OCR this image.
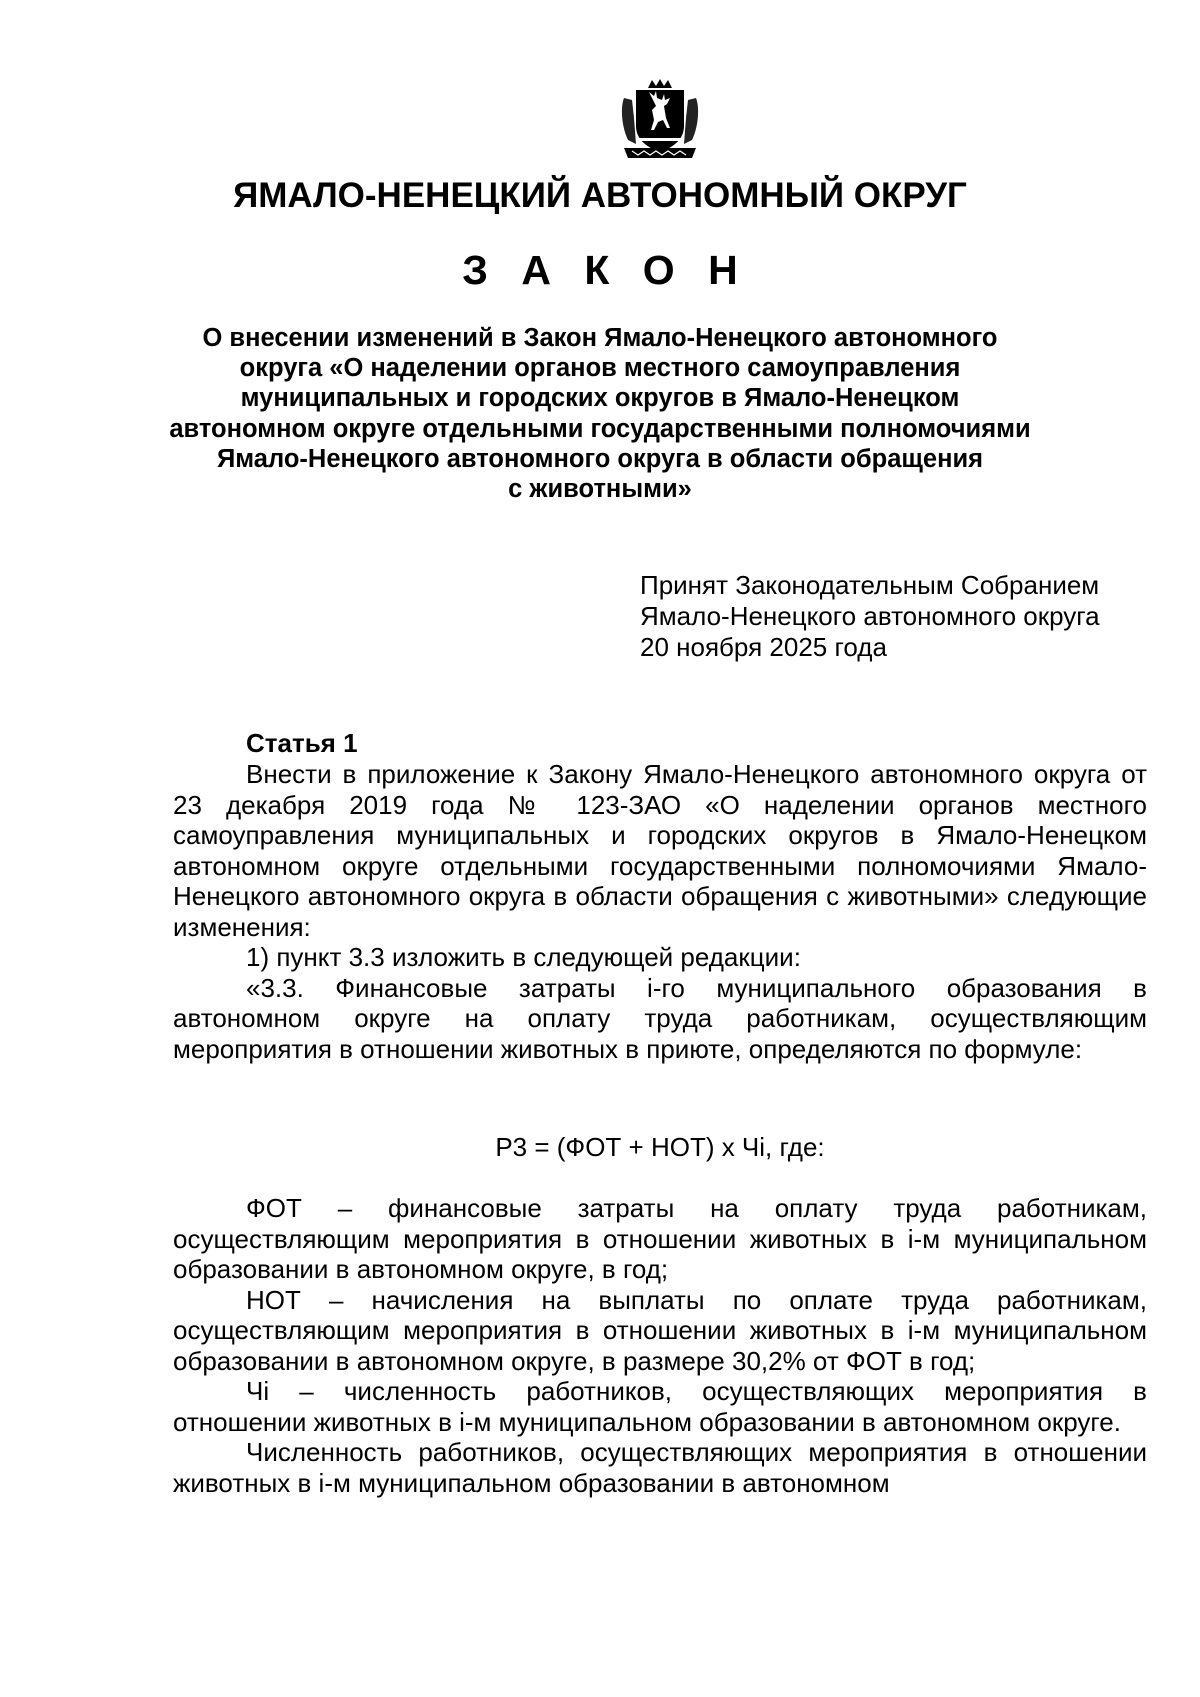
ЯМАЛО-НЕНЕЦКИЙ АВТОНОМНЫЙ ОКРУГ
З А К О Н
О внесении изменений в Закон Ямало-Ненецкого автономного
округа «О наделении органов местного самоуправления
муниципальных и городских округов в Ямало-Ненецком
автономном округе отдельными государственными полномочиями
Ямало-Ненецкого автономного округа в области обращения
с животными»
Принят Законодательным Собранием
Ямало-Ненецкого автономного округа
20 ноября 2025 года
Статья 1

Внести в приложение к Закону Ямало-Ненецкого автономного округа от 23 декабря 2019 года № 123-ЗАО «О наделении органов местного самоуправления муниципальных и городских округов в Ямало-Ненецком автономном округе отдельными государственными полномочиями Ямало-Ненецкого автономного округа в области обращения с животными» следующие изменения:

1) пункт 3.3 изложить в следующей редакции:

«3.3. Финансовые затраты i-го муниципального образования в автономном округе на оплату труда работникам, осуществляющим мероприятия в отношении животных в приюте, определяются по формуле:

Р3 = (ФОТ + НОТ) х Чi, где:

ФОТ – финансовые затраты на оплату труда работникам, осуществляющим мероприятия в отношении животных в i-м муниципальном образовании в автономном округе, в год;

НОТ – начисления на выплаты по оплате труда работникам, осуществляющим мероприятия в отношении животных в i-м муниципальном образовании в автономном округе, в размере 30,2% от ФОТ в год;

Чi – численность работников, осуществляющих мероприятия в отношении животных в i-м муниципальном образовании в автономном округе.

Численность работников, осуществляющих мероприятия в отношении животных в i-м муниципальном образовании в автономном
